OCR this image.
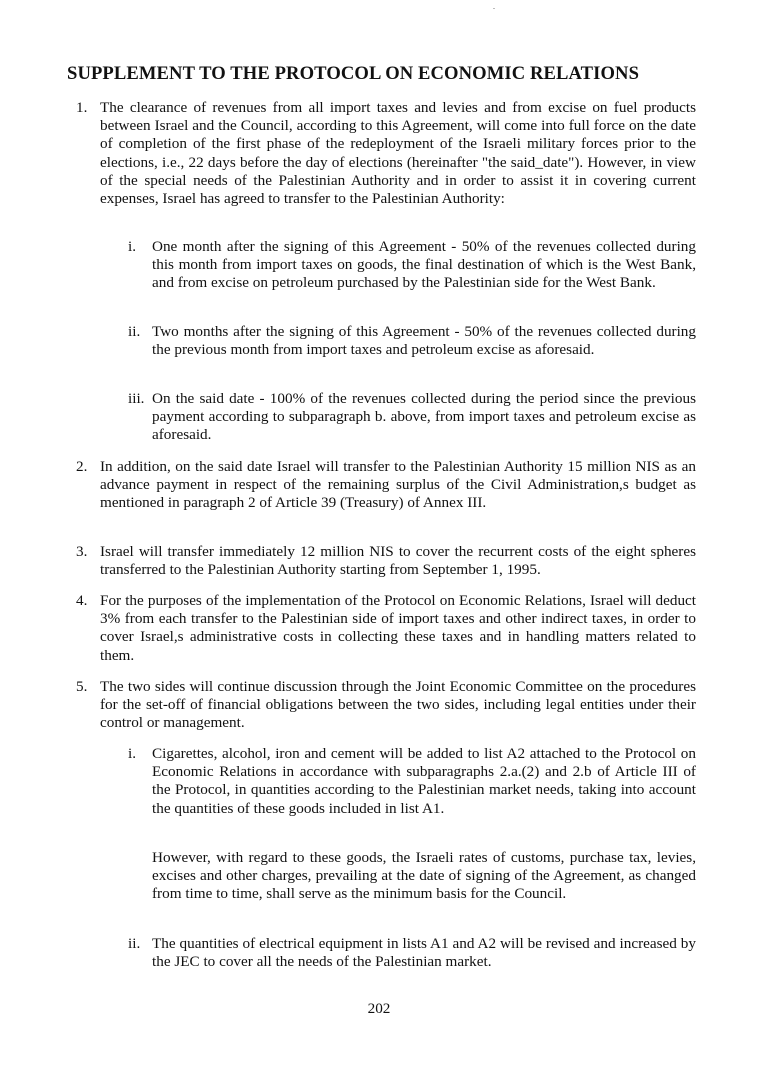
SUPPLEMENT TO THE PROTOCOL ON ECONOMIC RELATIONS
1. The clearance of revenues from all import taxes and levies and from excise on fuel products between Israel and the Council, according to this Agreement, will come into full force on the date of completion of the first phase of the redeployment of the Israeli military forces prior to the elections, i.e., 22 days before the day of elections (hereinafter "the said_date"). However, in view of the special needs of the Palestinian Authority and in order to assist it in covering current expenses, Israel has agreed to transfer to the Palestinian Authority:
i. One month after the signing of this Agreement - 50% of the revenues collected during this month from import taxes on goods, the final destination of which is the West Bank, and from excise on petroleum purchased by the Palestinian side for the West Bank.
ii. Two months after the signing of this Agreement - 50% of the revenues collected during the previous month from import taxes and petroleum excise as aforesaid.
iii. On the said date - 100% of the revenues collected during the period since the previous payment according to subparagraph b. above, from import taxes and petroleum excise as aforesaid.
2. In addition, on the said date Israel will transfer to the Palestinian Authority 15 million NIS as an advance payment in respect of the remaining surplus of the Civil Administration,s budget as mentioned in paragraph 2 of Article 39 (Treasury) of Annex III.
3. Israel will transfer immediately 12 million NIS to cover the recurrent costs of the eight spheres transferred to the Palestinian Authority starting from September 1, 1995.
4. For the purposes of the implementation of the Protocol on Economic Relations, Israel will deduct 3% from each transfer to the Palestinian side of import taxes and other indirect taxes, in order to cover Israel,s administrative costs in collecting these taxes and in handling matters related to them.
5. The two sides will continue discussion through the Joint Economic Committee on the procedures for the set-off of financial obligations between the two sides, including legal entities under their control or management.
i. Cigarettes, alcohol, iron and cement will be added to list A2 attached to the Protocol on Economic Relations in accordance with subparagraphs 2.a.(2) and 2.b of Article III of the Protocol, in quantities according to the Palestinian market needs, taking into account the quantities of these goods included in list A1.
However, with regard to these goods, the Israeli rates of customs, purchase tax, levies, excises and other charges, prevailing at the date of signing of the Agreement, as changed from time to time, shall serve as the minimum basis for the Council.
ii. The quantities of electrical equipment in lists A1 and A2 will be revised and increased by the JEC to cover all the needs of the Palestinian market.
202
